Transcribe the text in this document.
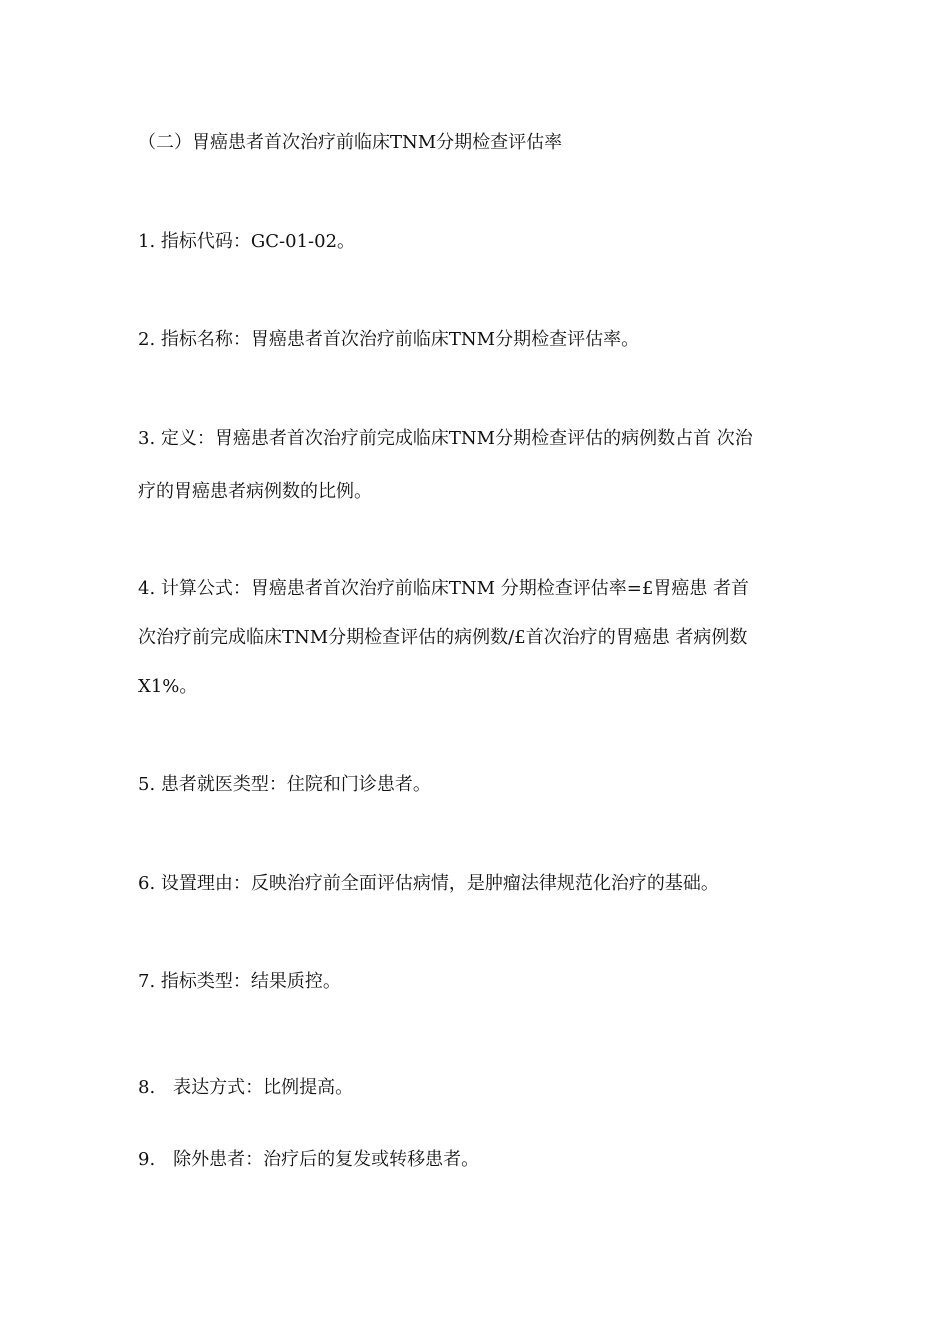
（二）胃癌患者首次治疗前临床TNM分期检查评估率
1. 指标代码：GC-01-02。
2. 指标名称：胃癌患者首次治疗前临床TNM分期检查评估率。
3. 定义：胃癌患者首次治疗前完成临床TNM分期检查评估的病例数占首 次治
疗的胃癌患者病例数的比例。
4. 计算公式：胃癌患者首次治疗前临床TNM 分期检查评估率=£胃癌患 者首
次治疗前完成临床TNM分期检查评估的病例数/£首次治疗的胃癌患 者病例数
X1%。
5. 患者就医类型：住院和门诊患者。
6. 设置理由：反映治疗前全面评估病情，是肿瘤法律规范化治疗的基础。
7. 指标类型：结果质控。
8.　表达方式：比例提高。
9.　除外患者：治疗后的复发或转移患者。
